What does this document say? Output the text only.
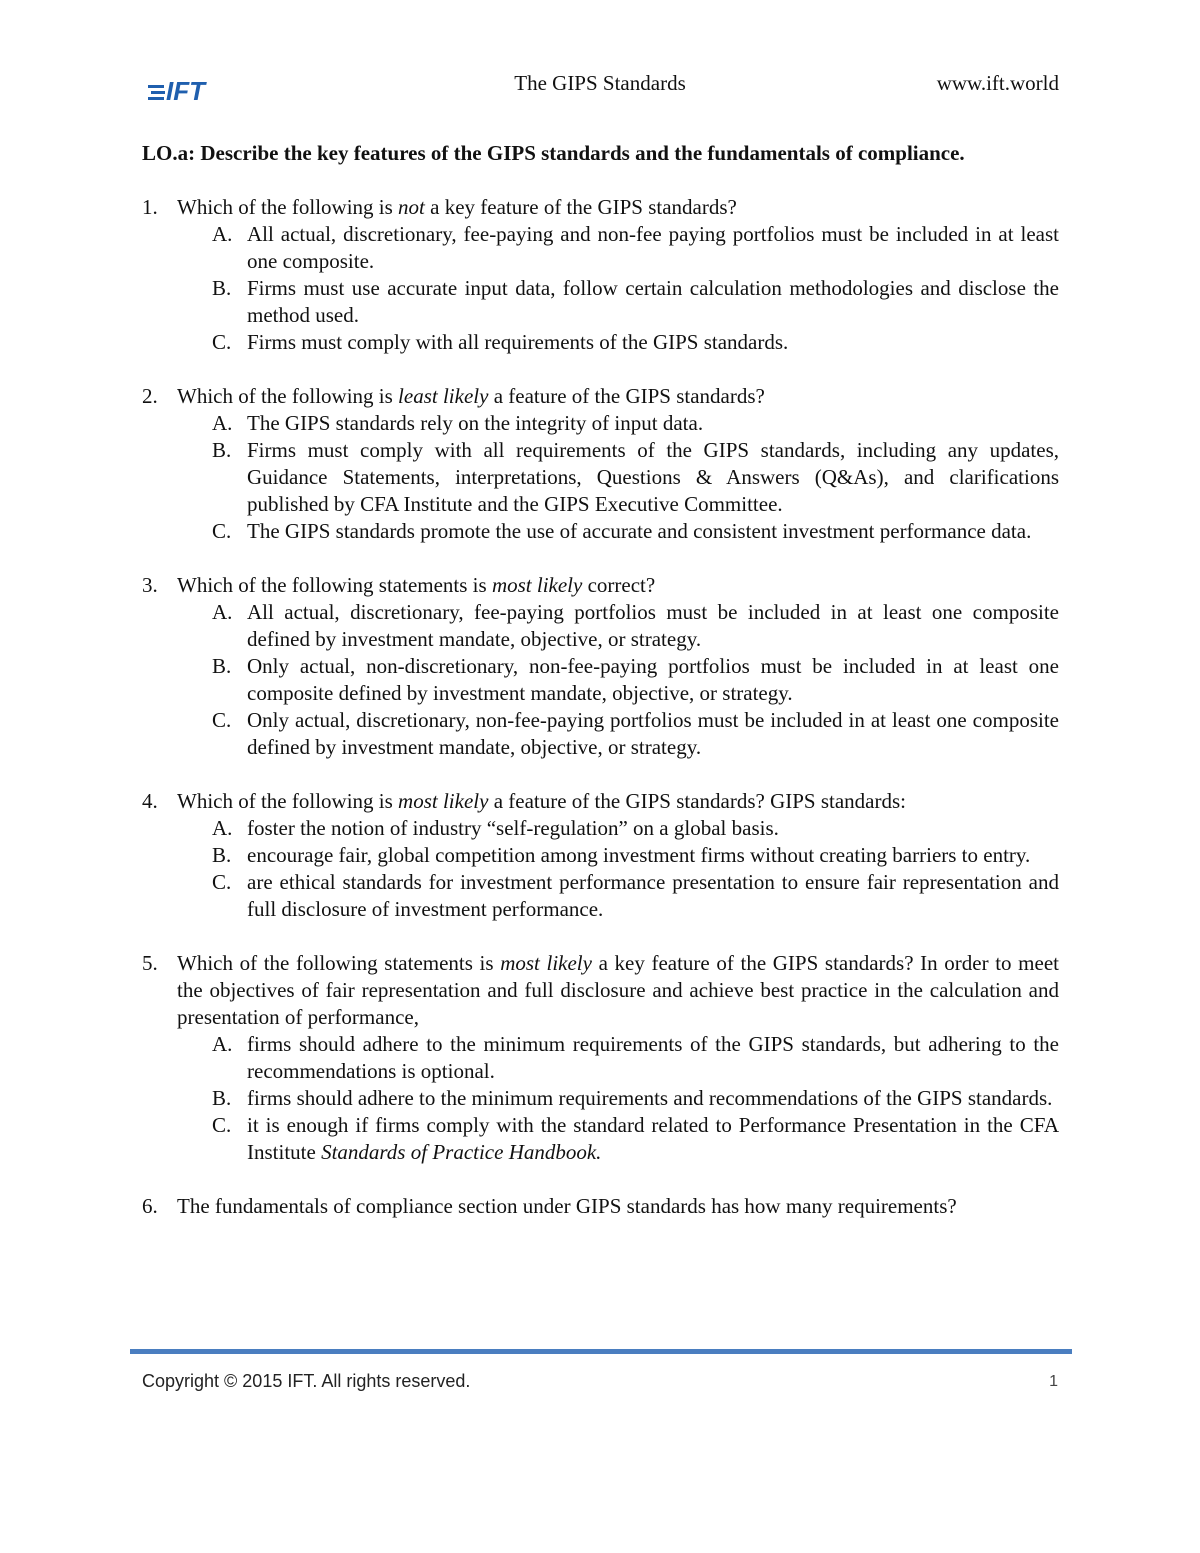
IFT	The GIPS Standards	www.ift.world

LO.a: Describe the key features of the GIPS standards and the fundamentals of compliance.

1. Which of the following is not a key feature of the GIPS standards?
A. All actual, discretionary, fee-paying and non-fee paying portfolios must be included in at least one composite.
B. Firms must use accurate input data, follow certain calculation methodologies and disclose the method used.
C. Firms must comply with all requirements of the GIPS standards.
2. Which of the following is least likely a feature of the GIPS standards?
A. The GIPS standards rely on the integrity of input data.
B. Firms must comply with all requirements of the GIPS standards, including any updates, Guidance Statements, interpretations, Questions & Answers (Q&As), and clarifications published by CFA Institute and the GIPS Executive Committee.
C. The GIPS standards promote the use of accurate and consistent investment performance data.
3. Which of the following statements is most likely correct?
A. All actual, discretionary, fee-paying portfolios must be included in at least one composite defined by investment mandate, objective, or strategy.
B. Only actual, non-discretionary, non-fee-paying portfolios must be included in at least one composite defined by investment mandate, objective, or strategy.
C. Only actual, discretionary, non-fee-paying portfolios must be included in at least one composite defined by investment mandate, objective, or strategy.
4. Which of the following is most likely a feature of the GIPS standards? GIPS standards:
A. foster the notion of industry “self-regulation” on a global basis.
B. encourage fair, global competition among investment firms without creating barriers to entry.
C. are ethical standards for investment performance presentation to ensure fair representation and full disclosure of investment performance.
5. Which of the following statements is most likely a key feature of the GIPS standards? In order to meet the objectives of fair representation and full disclosure and achieve best practice in the calculation and presentation of performance,
A. firms should adhere to the minimum requirements of the GIPS standards, but adhering to the recommendations is optional.
B. firms should adhere to the minimum requirements and recommendations of the GIPS standards.
C. it is enough if firms comply with the standard related to Performance Presentation in the CFA Institute Standards of Practice Handbook.
6. The fundamentals of compliance section under GIPS standards has how many requirements?
Copyright © 2015 IFT. All rights reserved.	1
